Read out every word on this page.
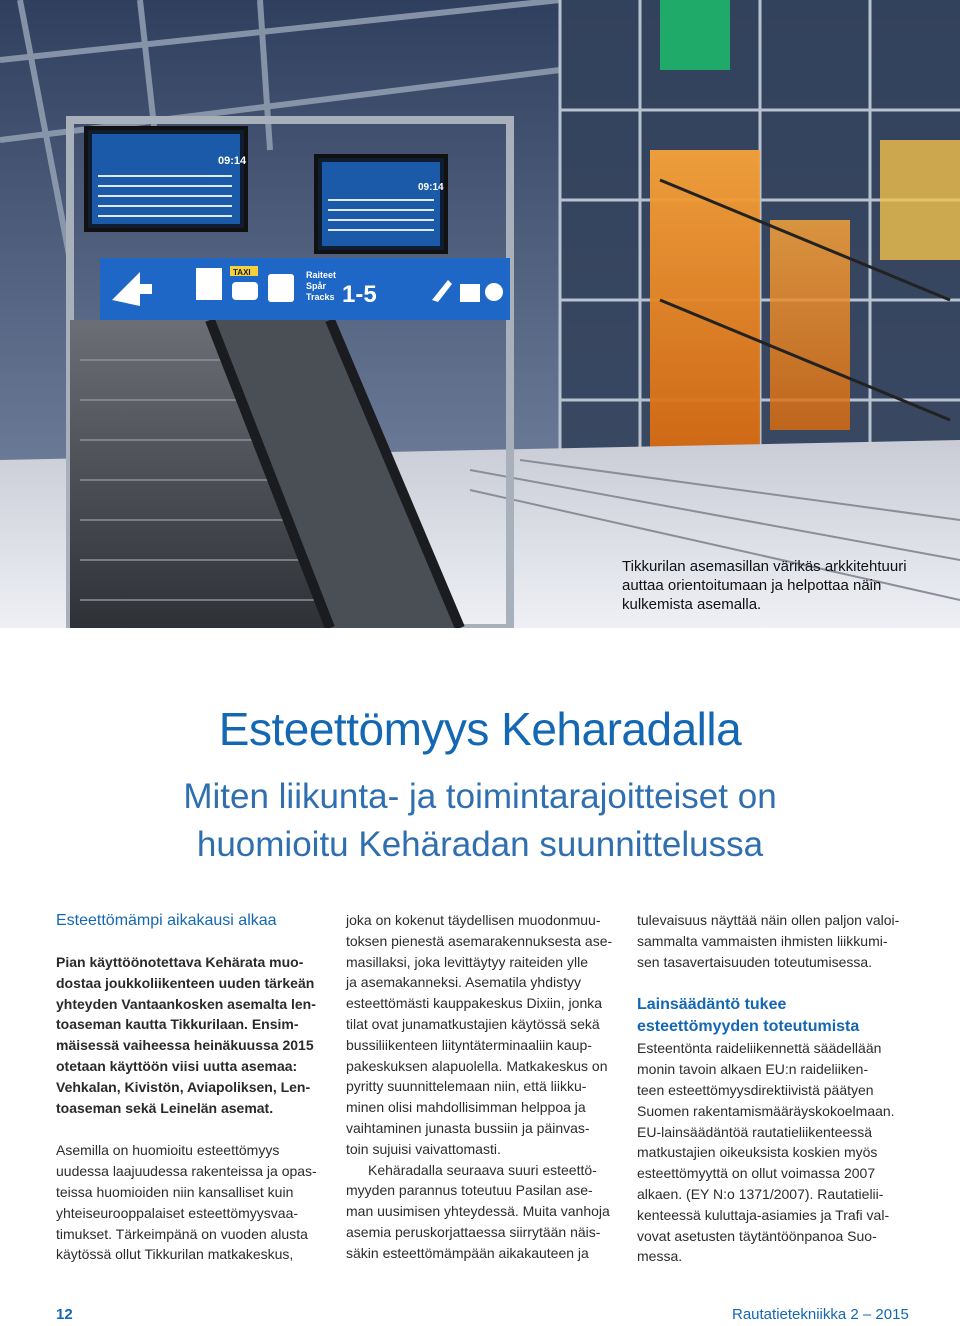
09:14
09:14
TAXI	Raiteet
Spår
Tracks 1-5
Tikkurilan asemasillan värikäs arkkitehtuuri
auttaa orientoitumaan ja helpottaa näin
kulkemista asemalla.
Esteettömyys Keharadalla
Miten liikunta- ja toimintarajoitteiset on
huomioitu Kehäradan suunnittelussa
Esteettömämpi aikakausi alkaa
Pian käyttöönotettava Kehärata muo-
dostaa joukkoliikenteen uuden tärkeän
yhteyden Vantaankosken asemalta len-
toaseman kautta Tikkurilaan. Ensim-
mäisessä vaiheessa heinäkuussa 2015
otetaan käyttöön viisi uutta asemaa:
Vehkalan, Kivistön, Aviapoliksen, Len-
toaseman sekä Leinelän asemat.
Asemilla on huomioitu esteettömyys
uudessa laajuudessa rakenteissa ja opas-
teissa huomioiden niin kansalliset kuin
yhteiseurooppalaiset esteettömyysvaa-
timukset. Tärkeimpänä on vuoden alusta
käytössä ollut Tikkurilan matkakeskus,
joka on kokenut täydellisen muodonmuu-
toksen pienestä asemarakennuksesta ase-
masillaksi, joka levittäytyy raiteiden ylle
ja asemakanneksi. Asematila yhdistyy
esteettömästi kauppakeskus Dixiin, jonka
tilat ovat junamatkustajien käytössä sekä
bussiliikenteen liityntäterminaaliin kaup-
pakeskuksen alapuolella. Matkakeskus on
pyritty suunnittelemaan niin, että liikku-
minen olisi mahdollisimman helppoa ja
vaihtaminen junasta bussiin ja päinvas-
toin sujuisi vaivattomasti.
Kehäradalla seuraava suuri esteettö-
myyden parannus toteutuu Pasilan ase-
man uusimisen yhteydessä. Muita vanhoja
asemia peruskorjattaessa siirrytään näis-
säkin esteettömämpään aikakauteen ja
tulevaisuus näyttää näin ollen paljon valoi-
sammalta vammaisten ihmisten liikkumi-
sen tasavertaisuuden toteutumisessa.
Lainsäädäntö tukee
esteettömyyden toteutumista
Esteentönta raideliikennettä säädellään
monin tavoin alkaen EU:n raideliiken-
teen esteettömyysdirektiivistä päätyen
Suomen rakentamismääräyskokoelmaan.
EU-lainsäädäntöä rautatieliikenteessä
matkustajien oikeuksista koskien myös
esteettömyyttä on ollut voimassa 2007
alkaen. (EY N:o 1371/2007). Rautatielii-
kenteessä kuluttaja-asiamies ja Trafi val-
vovat asetusten täytäntöönpanoa Suo-
messa.
12	Rautatietekniikka 2 – 2015
